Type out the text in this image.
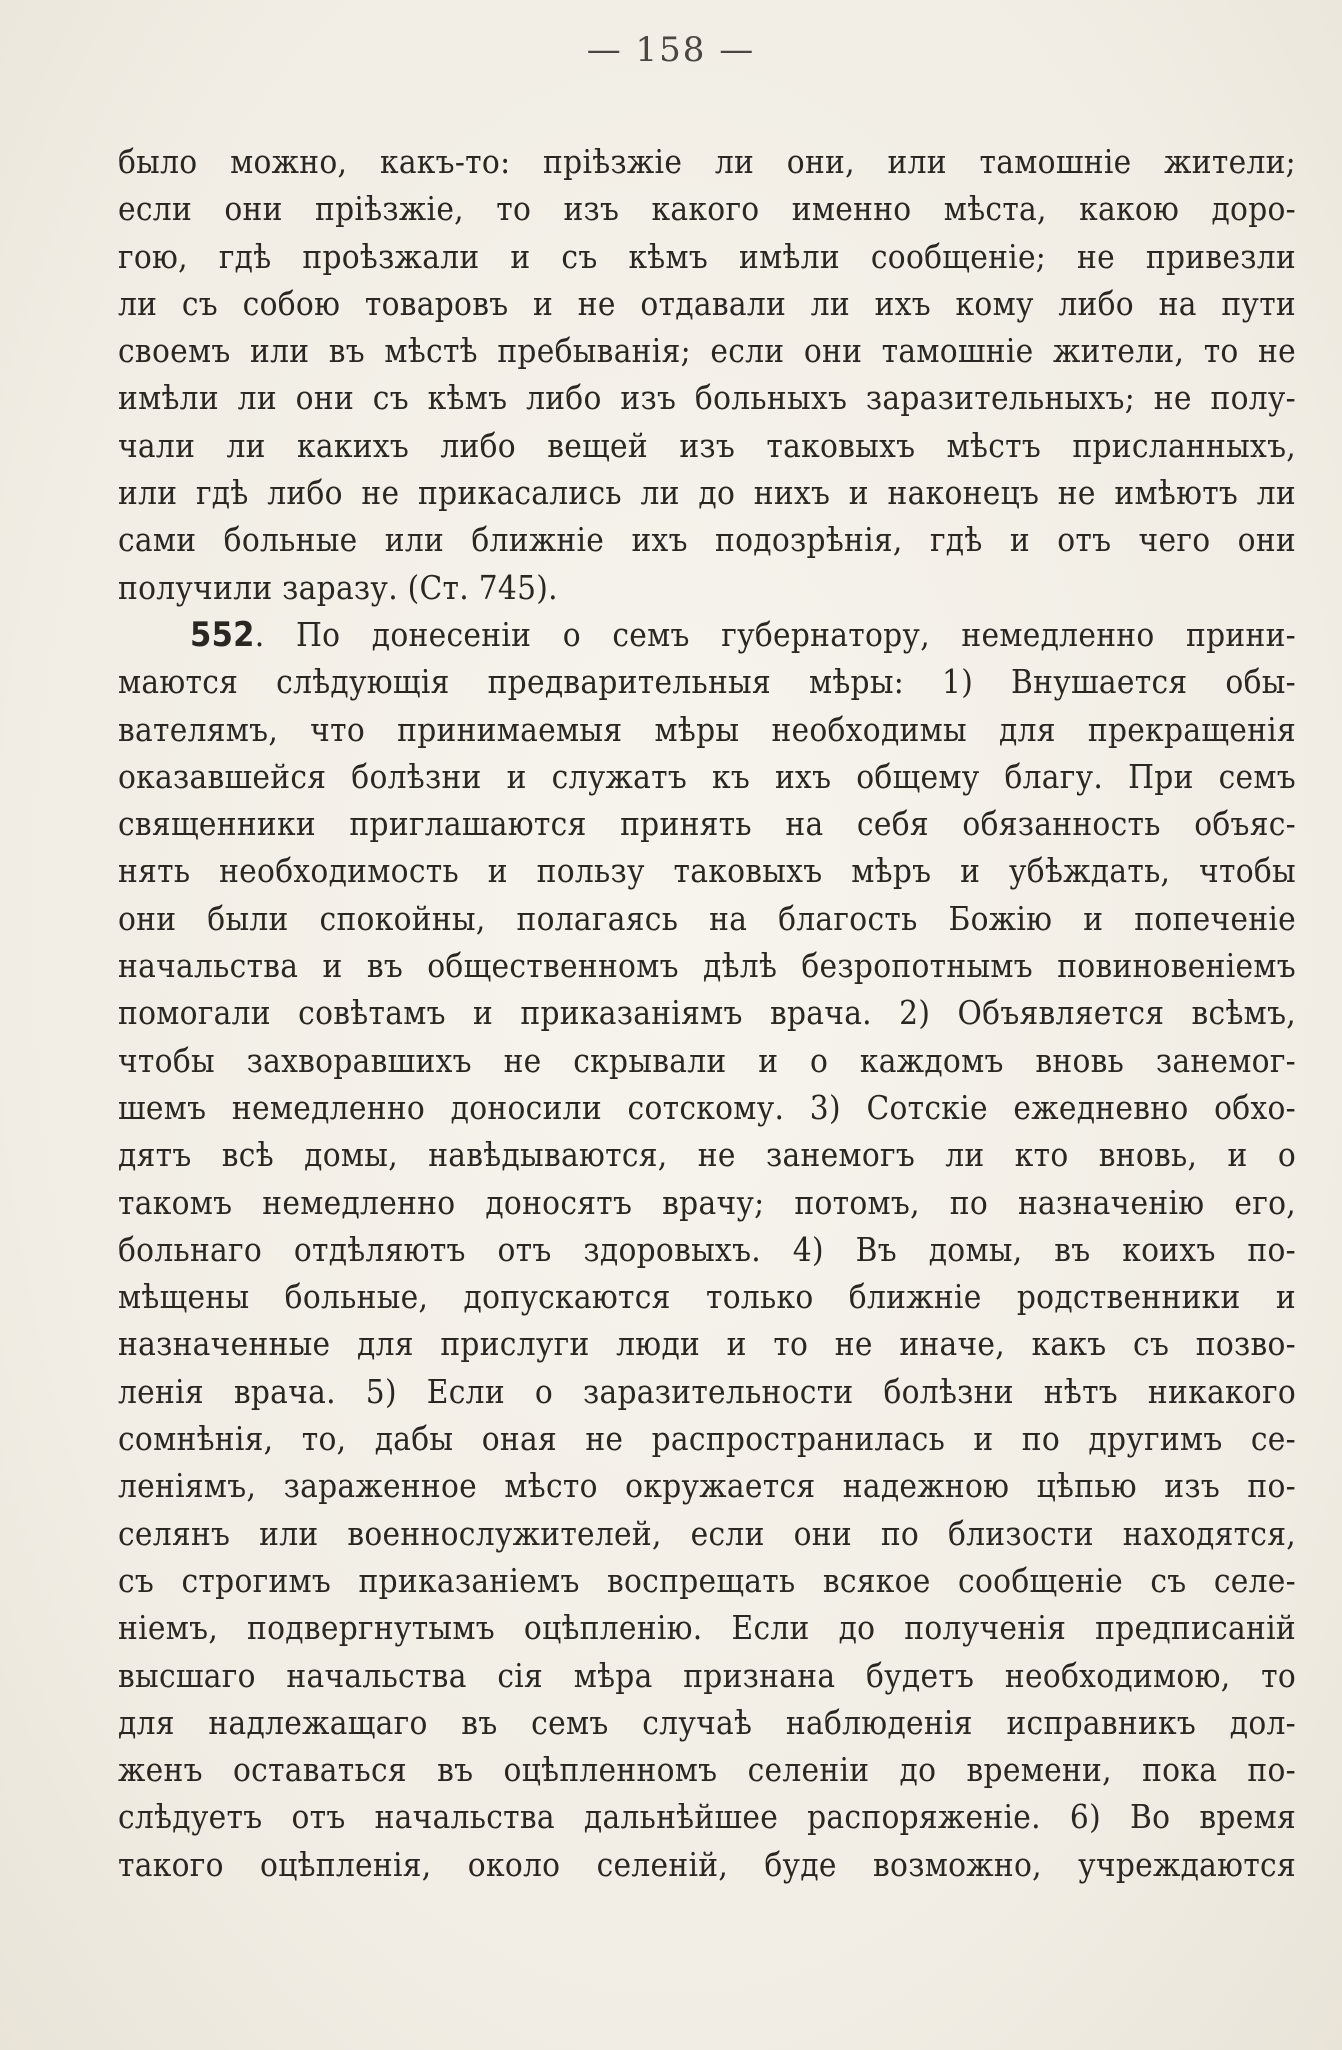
— 158 —
было можно, какъ-то: пріѣзжіе ли они, или тамошніе жители;
если они пріѣзжіе, то изъ какого именно мѣста, какою доро-
гою, гдѣ проѣзжали и съ кѣмъ имѣли сообщеніе; не привезли
ли съ собою товаровъ и не отдавали ли ихъ кому либо на пути
своемъ или въ мѣстѣ пребыванія; если они тамошніе жители, то не
имѣли ли они съ кѣмъ либо изъ больныхъ заразительныхъ; не полу-
чали ли какихъ либо вещей изъ таковыхъ мѣстъ присланныхъ,
или гдѣ либо не прикасались ли до нихъ и наконецъ не имѣютъ ли
сами больные или ближніе ихъ подозрѣнія, гдѣ и отъ чего они
получили заразу. (Ст. 745).
552. По донесеніи о семъ губернатору, немедленно прини-
маются слѣдующія предварительныя мѣры: 1) Внушается обы-
вателямъ, что принимаемыя мѣры необходимы для прекращенія
оказавшейся болѣзни и служатъ къ ихъ общему благу. При семъ
священники приглашаются принять на себя обязанность объяс-
нять необходимость и пользу таковыхъ мѣръ и убѣждать, чтобы
они были спокойны, полагаясь на благость Божію и попеченіе
начальства и въ общественномъ дѣлѣ безропотнымъ повиновеніемъ
помогали совѣтамъ и приказаніямъ врача. 2) Объявляется всѣмъ,
чтобы захворавшихъ не скрывали и о каждомъ вновь занемог-
шемъ немедленно доносили сотскому. 3) Сотскіе ежедневно обхо-
дятъ всѣ домы, навѣдываются, не занемогъ ли кто вновь, и о
такомъ немедленно доносятъ врачу; потомъ, по назначенію его,
больнаго отдѣляютъ отъ здоровыхъ. 4) Въ домы, въ коихъ по-
мѣщены больные, допускаются только ближніе родственники и
назначенные для прислуги люди и то не иначе, какъ съ позво-
ленія врача. 5) Если о заразительности болѣзни нѣтъ никакого
сомнѣнія, то, дабы оная не распространилась и по другимъ се-
леніямъ, зараженное мѣсто окружается надежною цѣпью изъ по-
селянъ или военнослужителей, если они по близости находятся,
съ строгимъ приказаніемъ воспрещать всякое сообщеніе съ селе-
ніемъ, подвергнутымъ оцѣпленію. Если до полученія предписаній
высшаго начальства сія мѣра признана будетъ необходимою, то
для надлежащаго въ семъ случаѣ наблюденія исправникъ дол-
женъ оставаться въ оцѣпленномъ селеніи до времени, пока по-
слѣдуетъ отъ начальства дальнѣйшее распоряженіе. 6) Во время
такого оцѣпленія, около селеній, буде возможно, учреждаются
